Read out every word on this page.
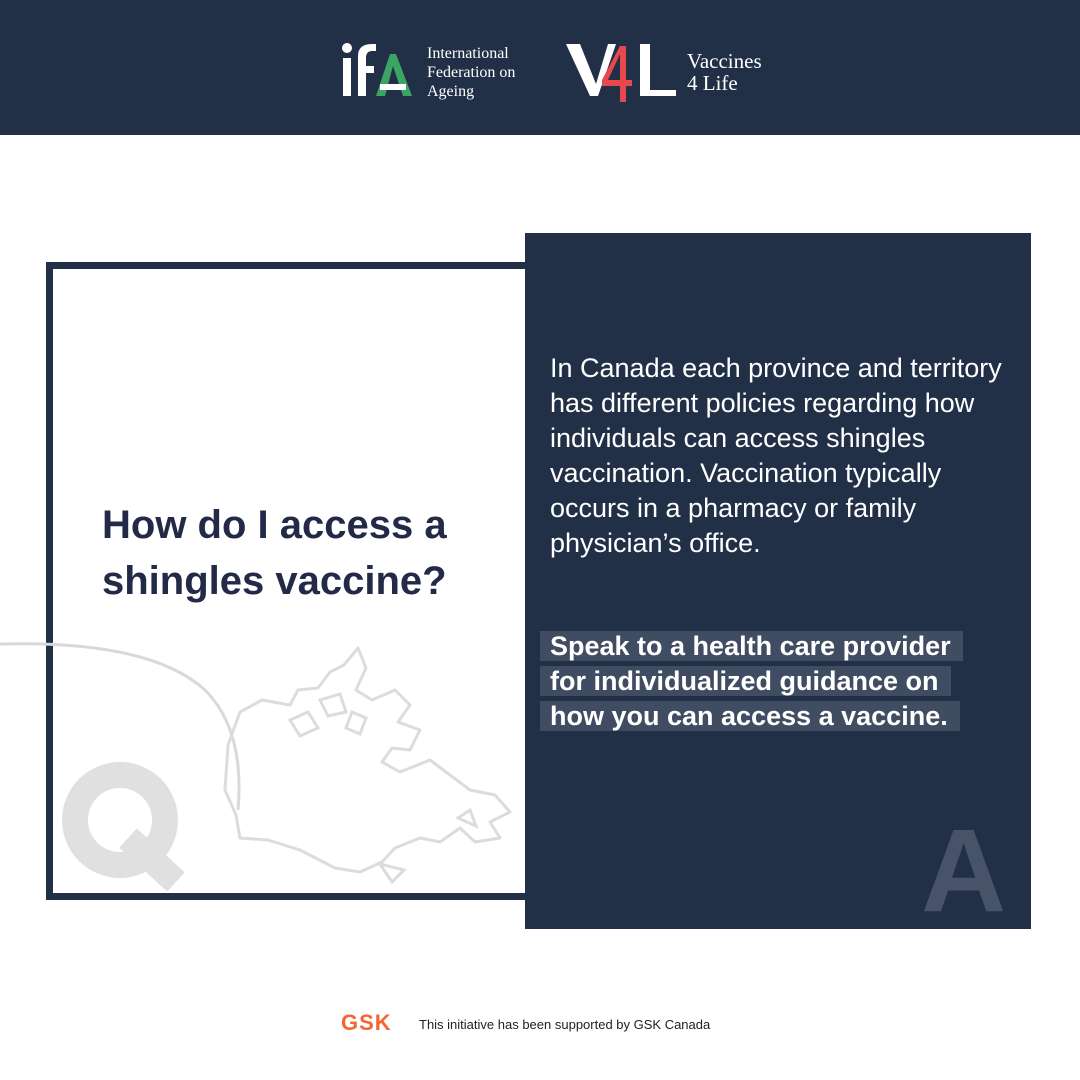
International
Federation on
Ageing
Vaccines
4 Life
How do I access a shingles vaccine?
A
In Canada each province and territory has different policies regarding how individuals can access shingles vaccination. Vaccination typically occurs in a pharmacy or family physician’s office.
Speak to a health care provider
for individualized guidance on
how you can access a vaccine.
GSK This initiative has been supported by GSK Canada
